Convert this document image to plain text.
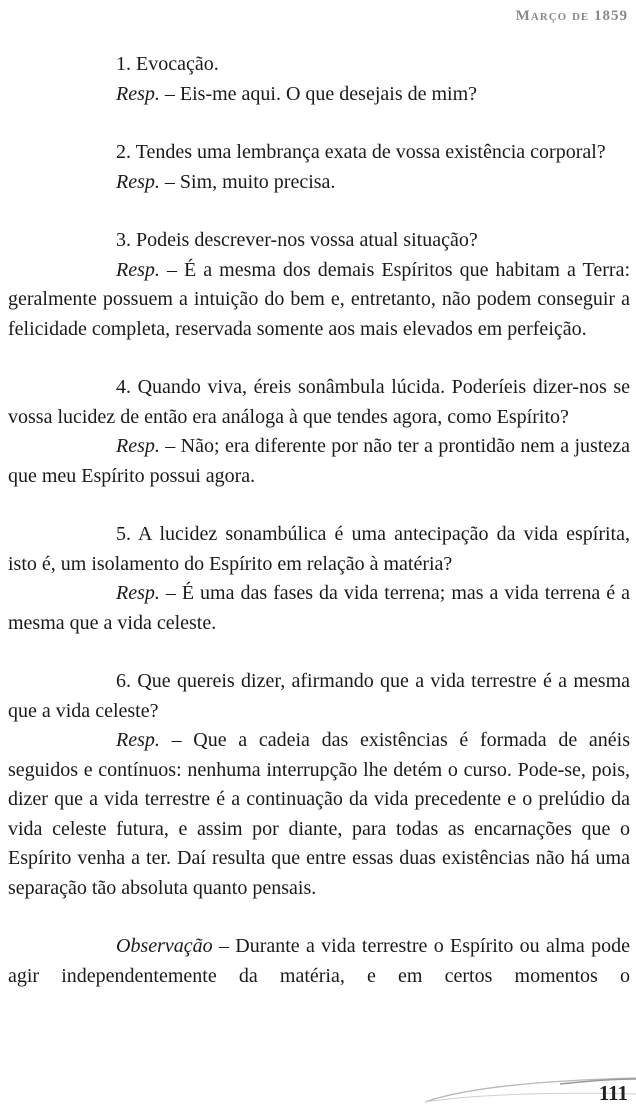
Março de 1859

1. Evocação.

Resp. – Eis-me aqui. O que desejais de mim?

2. Tendes uma lembrança exata de vossa existência corporal?

Resp. – Sim, muito precisa.

3. Podeis descrever-nos vossa atual situação?

Resp. – É a mesma dos demais Espíritos que habitam a Terra: geralmente possuem a intuição do bem e, entretanto, não podem conseguir a felicidade completa, reservada somente aos mais elevados em perfeição.

4. Quando viva, éreis sonâmbula lúcida. Poderíeis dizer-nos se vossa lucidez de então era análoga à que tendes agora, como Espírito?

Resp. – Não; era diferente por não ter a prontidão nem a justeza que meu Espírito possui agora.

5. A lucidez sonambúlica é uma antecipação da vida espírita, isto é, um isolamento do Espírito em relação à matéria?

Resp. – É uma das fases da vida terrena; mas a vida terrena é a mesma que a vida celeste.

6. Que quereis dizer, afirmando que a vida terrestre é a mesma que a vida celeste?

Resp. – Que a cadeia das existências é formada de anéis seguidos e contínuos: nenhuma interrupção lhe detém o curso. Pode-se, pois, dizer que a vida terrestre é a continuação da vida precedente e o prelúdio da vida celeste futura, e assim por diante, para todas as encarnações que o Espírito venha a ter. Daí resulta que entre essas duas existências não há uma separação tão absoluta quanto pensais.

Observação – Durante a vida terrestre o Espírito ou alma pode agir independentemente da matéria, e em certos momentos o

111
